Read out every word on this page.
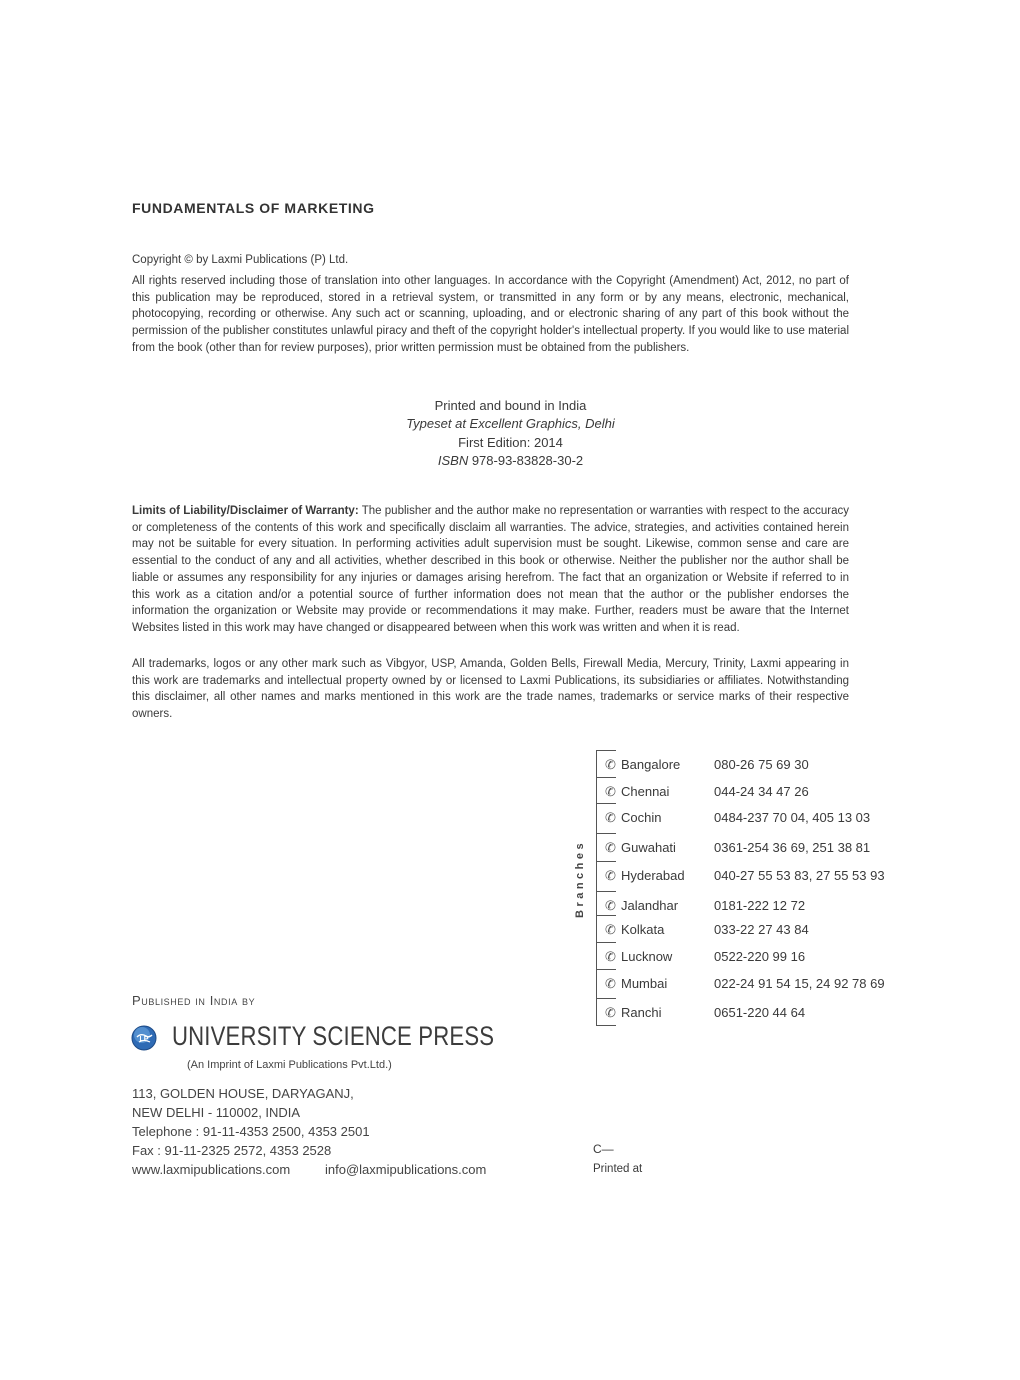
FUNDAMENTALS OF MARKETING
Copyright © by Laxmi Publications (P) Ltd.
All rights reserved including those of translation into other languages. In accordance with the Copyright (Amendment) Act, 2012, no part of this publication may be reproduced, stored in a retrieval system, or transmitted in any form or by any means, electronic, mechanical, photocopying, recording or otherwise. Any such act or scanning, uploading, and or electronic sharing of any part of this book without the permission of the publisher constitutes unlawful piracy and theft of the copyright holder's intellectual property. If you would like to use material from the book (other than for review purposes), prior written permission must be obtained from the publishers.
Printed and bound in India
Typeset at Excellent Graphics, Delhi
First Edition: 2014
ISBN 978-93-83828-30-2
Limits of Liability/Disclaimer of Warranty: The publisher and the author make no representation or warranties with respect to the accuracy or completeness of the contents of this work and specifically disclaim all warranties. The advice, strategies, and activities contained herein may not be suitable for every situation. In performing activities adult supervision must be sought. Likewise, common sense and care are essential to the conduct of any and all activities, whether described in this book or otherwise. Neither the publisher nor the author shall be liable or assumes any responsibility for any injuries or damages arising herefrom. The fact that an organization or Website if referred to in this work as a citation and/or a potential source of further information does not mean that the author or the publisher endorses the information the organization or Website may provide or recommendations it may make. Further, readers must be aware that the Internet Websites listed in this work may have changed or disappeared between when this work was written and when it is read.
All trademarks, logos or any other mark such as Vibgyor, USP, Amanda, Golden Bells, Firewall Media, Mercury, Trinity, Laxmi appearing in this work are trademarks and intellectual property owned by or licensed to Laxmi Publications, its subsidiaries or affiliates. Notwithstanding this disclaimer, all other names and marks mentioned in this work are the trade names, trademarks or service marks of their respective owners.
Branches
✆ Bangalore	080-26 75 69 30
✆ Chennai	044-24 34 47 26
✆ Cochin	0484-237 70 04, 405 13 03
✆ Guwahati	0361-254 36 69, 251 38 81
✆ Hyderabad 040-27 55 53 83, 27 55 53 93
✆ Jalandhar	0181-222 12 72
✆ Kolkata	033-22 27 43 84
✆ Lucknow	0522-220 99 16
✆ Mumbai	022-24 91 54 15, 24 92 78 69
✆ Ranchi	0651-220 44 64
Published in India by
LP UNIVERSITY SCIENCE PRESS
(An Imprint of Laxmi Publications Pvt.Ltd.)
113, GOLDEN HOUSE, DARYAGANJ,
NEW DELHI - 110002, INDIA
Telephone : 91-11-4353 2500, 4353 2501
Fax : 91-11-2325 2572, 4353 2528
www.laxmipublications.com	info@laxmipublications.com
C—
Printed at
